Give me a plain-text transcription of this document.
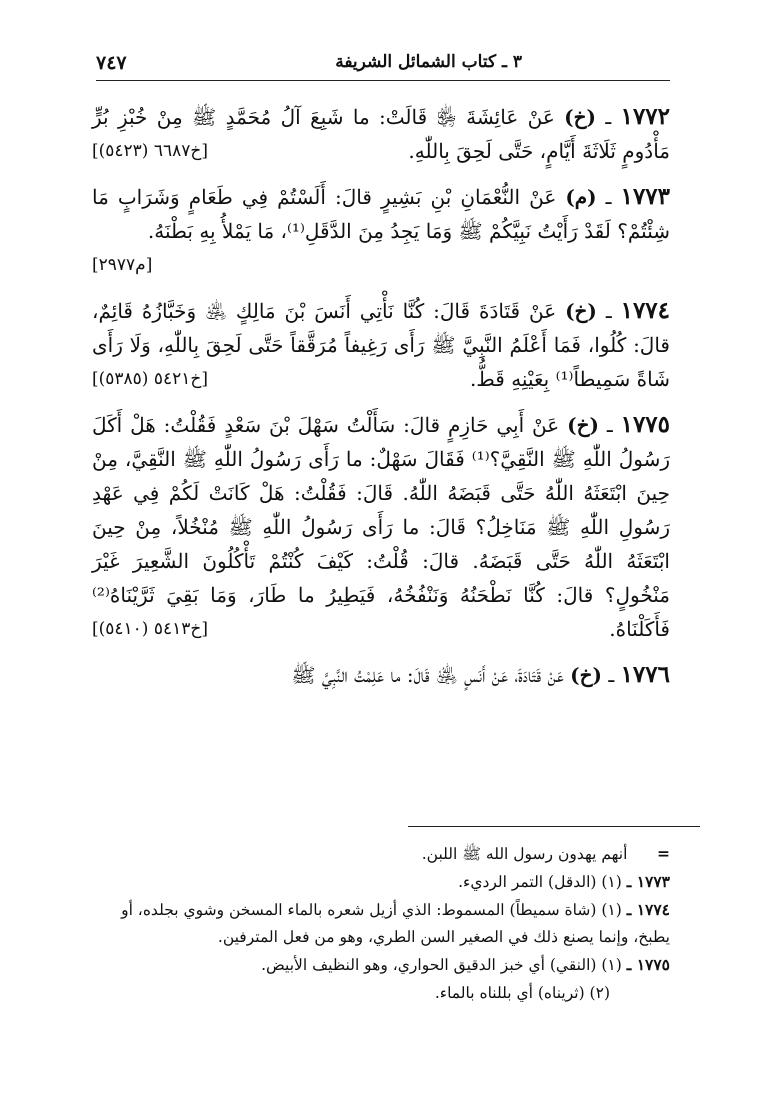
٣ ـ كتاب الشمائل الشريفة
٧٤٧
١٧٧٢ ـ (خ) عَنْ عَائِشَةَ ﵂ قَالَتْ: ما شَبِعَ آلُ مُحَمَّدٍ ﷺ مِنْ خُبْزِ بُرٍّ مَأْدُومٍ ثَلَاثَةَ أَيَّامٍ، حَتَّى لَحِقَ بِاللّٰهِ.
[خ٦٦٨٧ (٥٤٢٣)]
١٧٧٣ ـ (م) عَنْ النُّعْمَانِ بْنِ بَشِيرٍ قالَ: أَلَسْتُمْ فِي طَعَامٍ وَشَرَابٍ مَا شِئْتُمْ؟ لَقَدْ رَأَيْتُ نَبِيَّكُمْ ﷺ وَمَا يَجِدُ مِنَ الدَّقَلِ⁽¹⁾، مَا يَمْلأُ بِهِ بَطْنَهُ.
[م٢٩٧٧]
١٧٧٤ ـ (خ) عَنْ قَتَادَةَ قَالَ: كُنَّا نَأْتِي أَنَسَ بْنَ مَالِكٍ ﵁ وَخَبَّازُهُ قَائِمٌ، قالَ: كُلُوا، فَمَا أَعْلَمُ النَّبِيَّ ﷺ رَأَى رَغِيفاً مُرَقَّقاً حَتَّى لَحِقَ بِاللّٰهِ، وَلَا رَأَى شَاةً سَمِيطاً⁽¹⁾ بِعَيْنِهِ قَطُّ.
[خ٥٤٢١ (٥٣٨٥)]
١٧٧٥ ـ (خ) عَنْ أَبِي حَازِمٍ قالَ: سَأَلْتُ سَهْلَ بْنَ سَعْدٍ فَقُلْتُ: هَلْ أَكَلَ رَسُولُ اللّٰهِ ﷺ النَّقِيَّ؟⁽¹⁾ فَقَالَ سَهْلٌ: ما رَأَى رَسُولُ اللّٰهِ ﷺ النَّقِيَّ، مِنْ حِينَ ابْتَعَثَهُ اللّٰهُ حَتَّى قَبَضَهُ اللّٰهُ. قَالَ: فَقُلْتُ: هَلْ كَانَتْ لَكُمْ فِي عَهْدِ رَسُولِ اللّٰهِ ﷺ مَنَاخِلُ؟ قَالَ: ما رَأَى رَسُولُ اللّٰهِ ﷺ مُنْخُلاً، مِنْ حِينَ ابْتَعَثَهُ اللّٰهُ حَتَّى قَبَضَهُ. قالَ: قُلْتُ: كَيْفَ كُنْتُمْ تَأْكُلُونَ الشَّعِيرَ غَيْرَ مَنْخُولٍ؟ قالَ: كُنَّا نَطْحَنُهُ وَنَنْفُخُهُ، فَيَطِيرُ ما طَارَ، وَمَا بَقِيَ ثَرَّيْنَاهُ⁽²⁾ فَأَكَلْنَاهُ.
[خ٥٤١٣ (٥٤١٠)]
١٧٧٦ ـ (خ) عَنْ قَتَادَةَ، عَنْ أَنَسٍ ﵁ قَالَ: ما عَلِمْتُ النَّبِيَّ ﷺ

=      أنهم يهدون رسول الله ﷺ اللبن.

١٧٧٣ ـ (١) (الدقل) التمر الرديء.

١٧٧٤ ـ (١) (شاة سميطاً) المسموط: الذي أزيل شعره بالماء المسخن وشوي بجلده، أو يطبخ، وإنما يصنع ذلك في الصغير السن الطري، وهو من فعل المترفين.

١٧٧٥ ـ (١) (النقي) أي خبز الدقيق الحواري، وهو النظيف الأبيض.

(٢) (ثريناه) أي بللناه بالماء.
